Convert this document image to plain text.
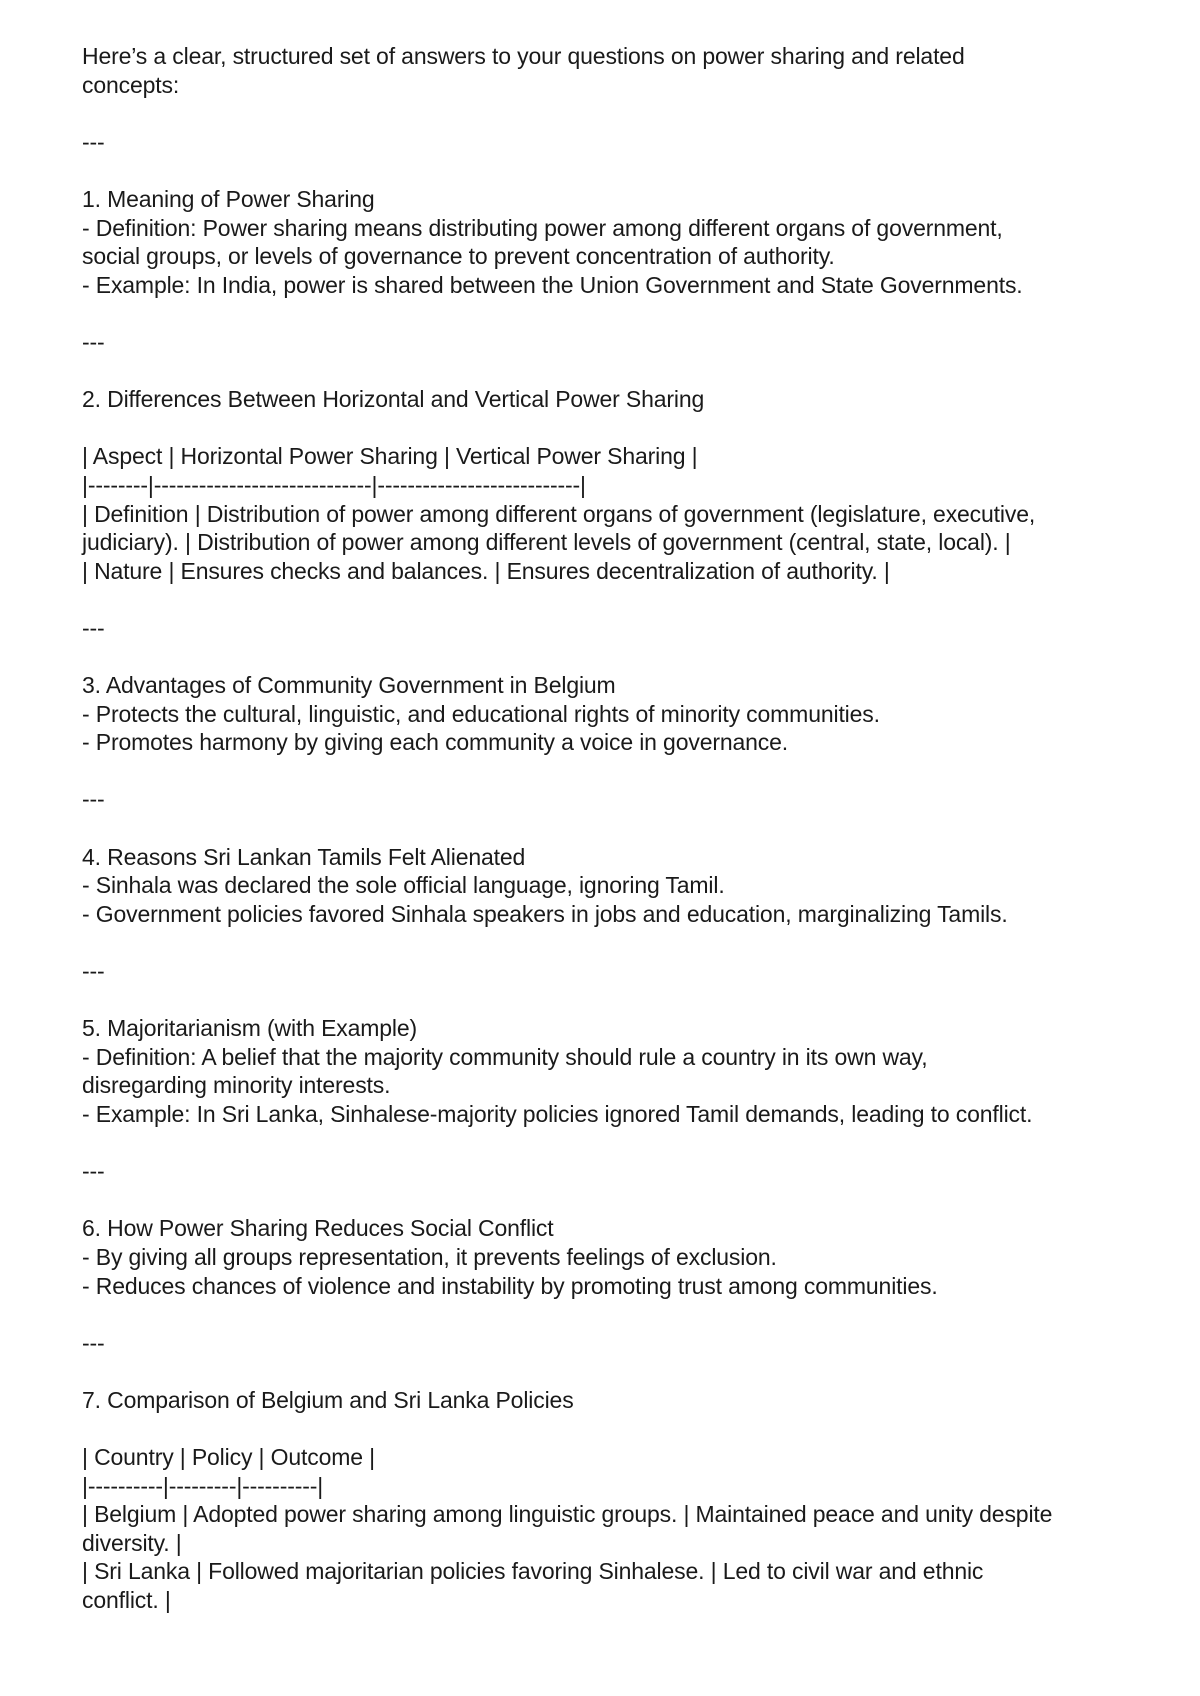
Here’s a clear, structured set of answers to your questions on power sharing and related
concepts:
---
1. Meaning of Power Sharing
- Definition: Power sharing means distributing power among different organs of government,
social groups, or levels of governance to prevent concentration of authority.
- Example: In India, power is shared between the Union Government and State Governments.
---
2. Differences Between Horizontal and Vertical Power Sharing
| Aspect | Horizontal Power Sharing | Vertical Power Sharing |
|--------|-----------------------------|---------------------------|
| Definition | Distribution of power among different organs of government (legislature, executive,
judiciary). | Distribution of power among different levels of government (central, state, local). |
| Nature | Ensures checks and balances. | Ensures decentralization of authority. |
---
3. Advantages of Community Government in Belgium
- Protects the cultural, linguistic, and educational rights of minority communities.
- Promotes harmony by giving each community a voice in governance.
---
4. Reasons Sri Lankan Tamils Felt Alienated
- Sinhala was declared the sole official language, ignoring Tamil.
- Government policies favored Sinhala speakers in jobs and education, marginalizing Tamils.
---
5. Majoritarianism (with Example)
- Definition: A belief that the majority community should rule a country in its own way,
disregarding minority interests.
- Example: In Sri Lanka, Sinhalese-majority policies ignored Tamil demands, leading to conflict.
---
6. How Power Sharing Reduces Social Conflict
- By giving all groups representation, it prevents feelings of exclusion.
- Reduces chances of violence and instability by promoting trust among communities.
---
7. Comparison of Belgium and Sri Lanka Policies
| Country | Policy | Outcome |
|----------|---------|----------|
| Belgium | Adopted power sharing among linguistic groups. | Maintained peace and unity despite
diversity. |
| Sri Lanka | Followed majoritarian policies favoring Sinhalese. | Led to civil war and ethnic
conflict. |
